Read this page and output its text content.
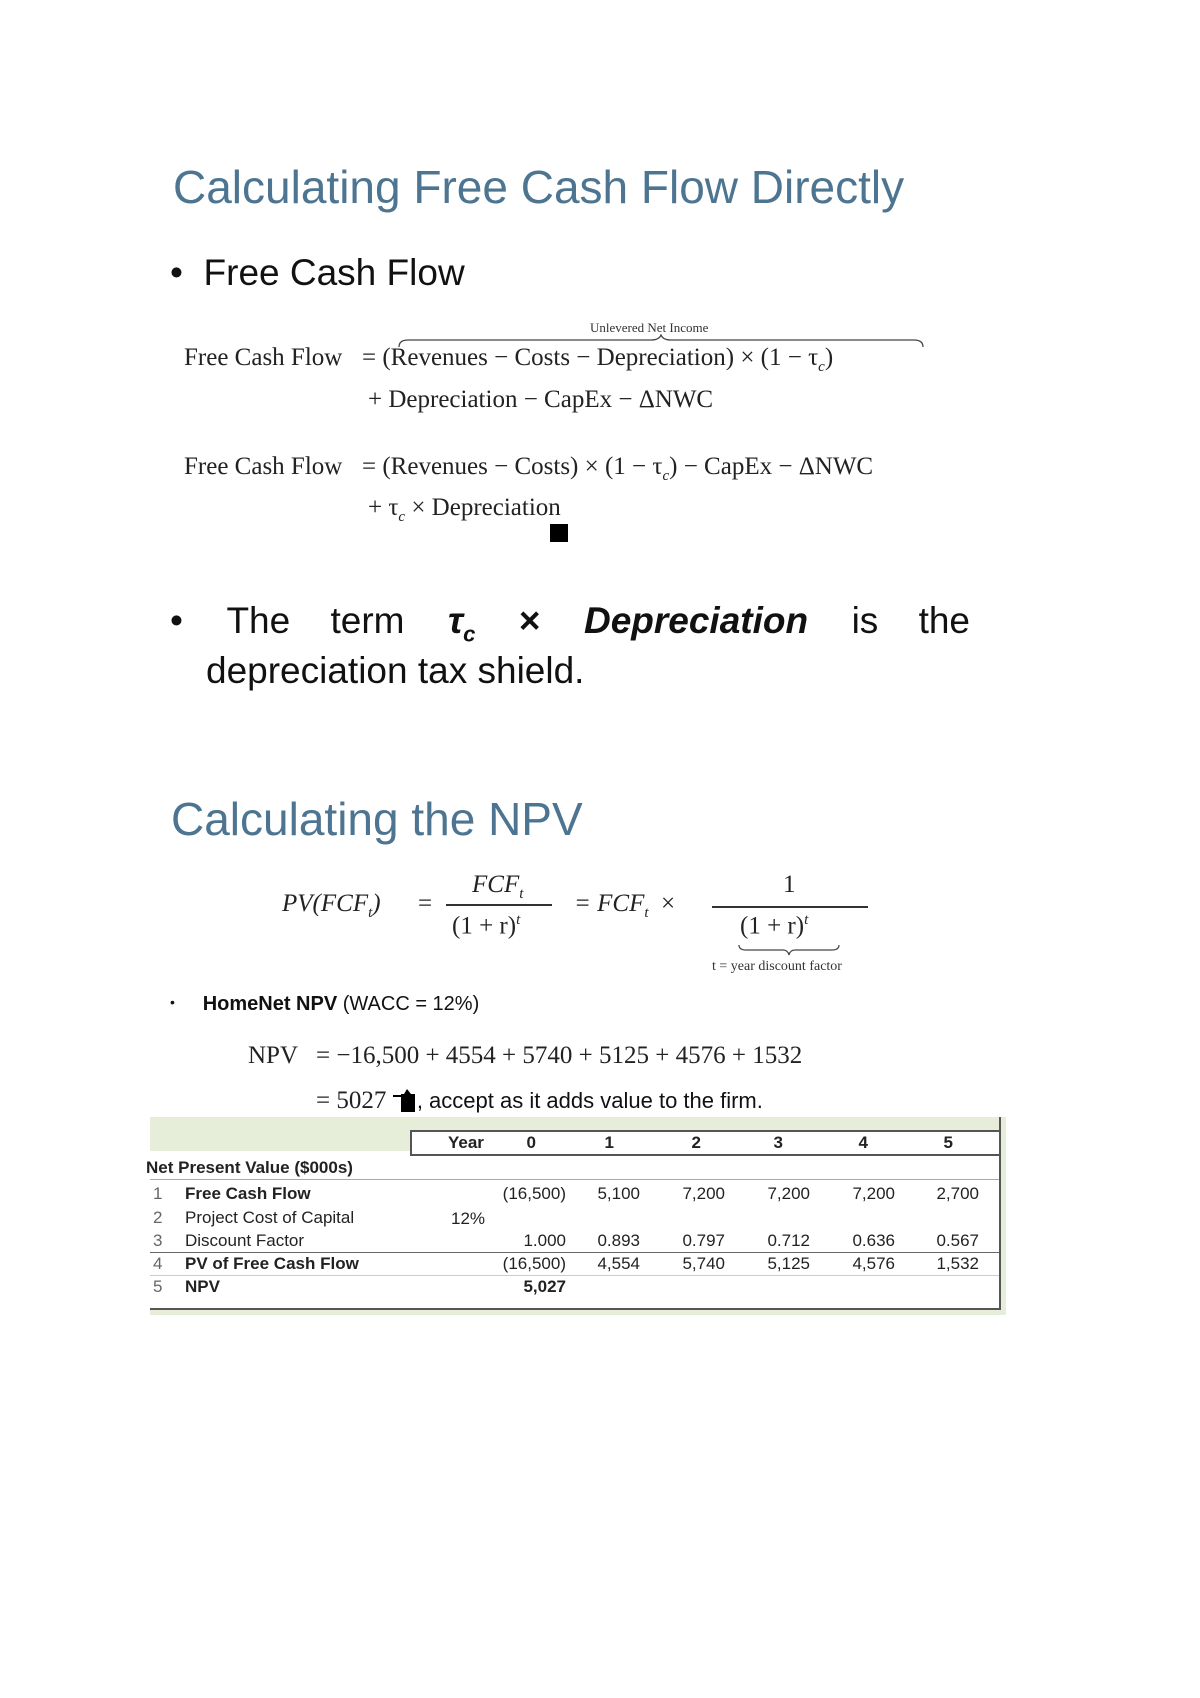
Calculating Free Cash Flow Directly
• Free Cash Flow
Unlevered Net Income
Free Cash Flow = (Revenues − Costs − Depreciation) × $(1 - \tau_c)$
+ Depreciation − CapEx − ΔNWC
Free Cash Flow = (Revenues − Costs) × $(1 - \tau_c)$ − CapEx − ΔNWC
+ $\tau_c$ × Depreciation
• The term $\tau_c$ × Depreciation is the
depreciation tax shield.
Calculating the NPV
$PV(FCF_t)$ =
$FCF_t$
$(1 + r)^t$
= $FCF_t$ ×
1
$(1 + r)^t$
t = year discount factor
• HomeNet NPV (WACC = 12%)
NPV = −16,500 + 4554 + 5740 + 5125 + 4576 + 1532
= 5027 , accept as it adds value to the firm.
Year	0	1	2	3	4	5
Net Present Value ($000s)
1 Free Cash Flow	(16,500)	5,100	7,200	7,200	7,200	2,700
2 Project Cost of Capital	12%
3 Discount Factor	1.000	0.893	0.797	0.712	0.636	0.567
4 PV of Free Cash Flow	(16,500)	4,554	5,740	5,125	4,576	1,532
5 NPV	5,027
